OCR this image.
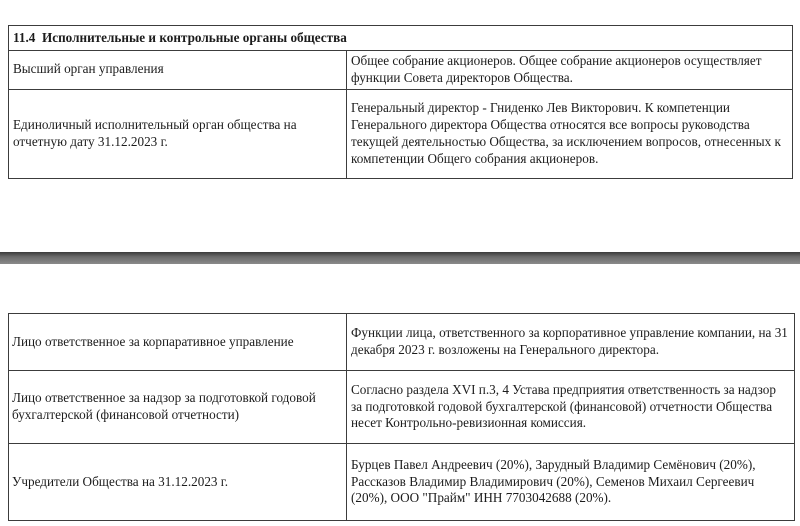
11.4 Исполнительные и контрольные органы общества	
Высший орган управления	Общее собрание акционеров. Общее собрание акционеров осуществляет функции Совета директоров Общества.
Единоличный исполнительный орган общества на отчетную дату 31.12.2023 г.	Генеральный директор - Гниденко Лев Викторович. К компетенции Генерального директора Общества относятся все вопросы руководства текущей деятельностью Общества, за исключением вопросов, отнесенных к компетенции Общего собрания акционеров.
Лицо ответственное за корпаративное управление	Функции лица, ответственного за корпоративное управление компании, на 31 декабря 2023 г. возложены на Генерального директора.
Лицо ответственное за надзор за подготовкой годовой бухгалтерской (финансовой отчетности)	Согласно раздела XVI п.3, 4 Устава предприятия ответственность за надзор за подготовкой годовой бухгалтерской (финансовой) отчетности Общества несет Контрольно-ревизионная комиссия.
Учредители Общества на 31.12.2023 г.	Бурцев Павел Андреевич (20%), Зарудный Владимир Семёнович (20%), Рассказов Владимир Владимирович (20%), Семенов Михаил Сергеевич (20%), ООО "Прайм" ИНН 7703042688 (20%).
